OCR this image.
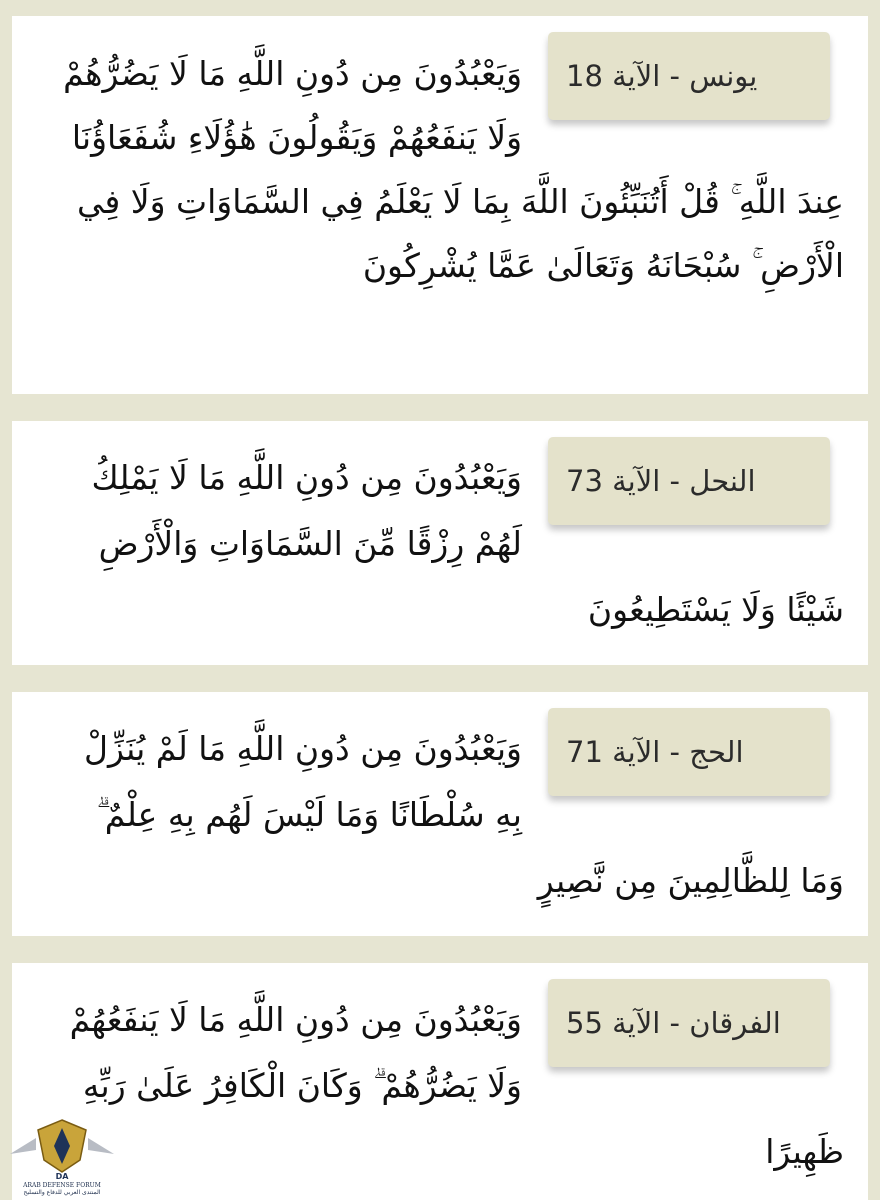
يونس - الآية 18

وَيَعْبُدُونَ مِن دُونِ اللَّهِ مَا لَا يَضُرُّهُمْ وَلَا يَنفَعُهُمْ وَيَقُولُونَ هَٰؤُلَاءِ شُفَعَاؤُنَا عِندَ اللَّهِ ۚ قُلْ أَتُنَبِّئُونَ اللَّهَ بِمَا لَا يَعْلَمُ فِي السَّمَاوَاتِ وَلَا فِي الْأَرْضِ ۚ سُبْحَانَهُ وَتَعَالَىٰ عَمَّا يُشْرِكُونَ

النحل - الآية 73

وَيَعْبُدُونَ مِن دُونِ اللَّهِ مَا لَا يَمْلِكُ لَهُمْ رِزْقًا مِّنَ السَّمَاوَاتِ وَالْأَرْضِ شَيْئًا وَلَا يَسْتَطِيعُونَ

الحج - الآية 71

وَيَعْبُدُونَ مِن دُونِ اللَّهِ مَا لَمْ يُنَزِّلْ بِهِ سُلْطَانًا وَمَا لَيْسَ لَهُم بِهِ عِلْمٌ ۗ وَمَا لِلظَّالِمِينَ مِن نَّصِيرٍ

الفرقان - الآية 55

وَيَعْبُدُونَ مِن دُونِ اللَّهِ مَا لَا يَنفَعُهُمْ وَلَا يَضُرُّهُمْ ۗ وَكَانَ الْكَافِرُ عَلَىٰ رَبِّهِ ظَهِيرًا

DA
ARAB DEFENSE FORUM
المنتدى العربي للدفاع والتسليح
